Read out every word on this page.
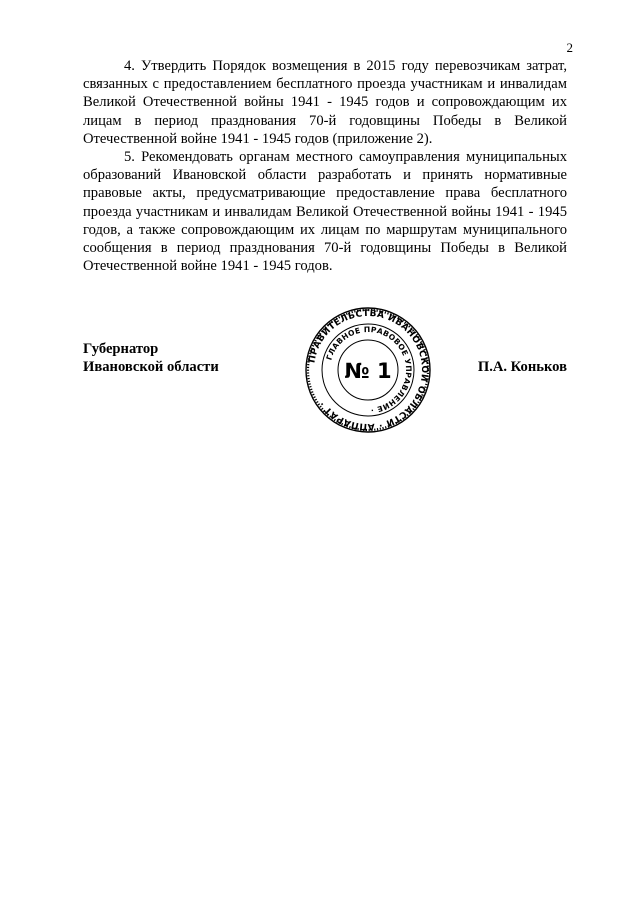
2

4. Утвердить Порядок возмещения в 2015 году перевозчикам затрат, связанных с предоставлением бесплатного проезда участникам и инвалидам Великой Отечественной войны 1941 - 1945 годов и сопровождающим их лицам в период празднования 70-й годовщины Победы в Великой Отечественной войне 1941 - 1945 годов (приложение 2).

5. Рекомендовать органам местного самоуправления муниципальных образований Ивановской области разработать и принять нормативные правовые акты, предусматривающие предоставление права бесплатного проезда участникам и инвалидам Великой Отечественной войны 1941 - 1945 годов, а также сопровождающим их лицам по маршрутам муниципального сообщения в период празднования 70-й годовщины Победы в Великой Отечественной войне 1941 - 1945 годов.

Губернатор
Ивановской области
ПРАВИТЕЛЬСТВА ИВАНОВСКОЙ ОБЛАСТИ · АППАРАТ ·
ГЛАВНОЕ ПРАВОВОЕ УПРАВЛЕНИЕ ·
№ 1	П.А. Коньков
